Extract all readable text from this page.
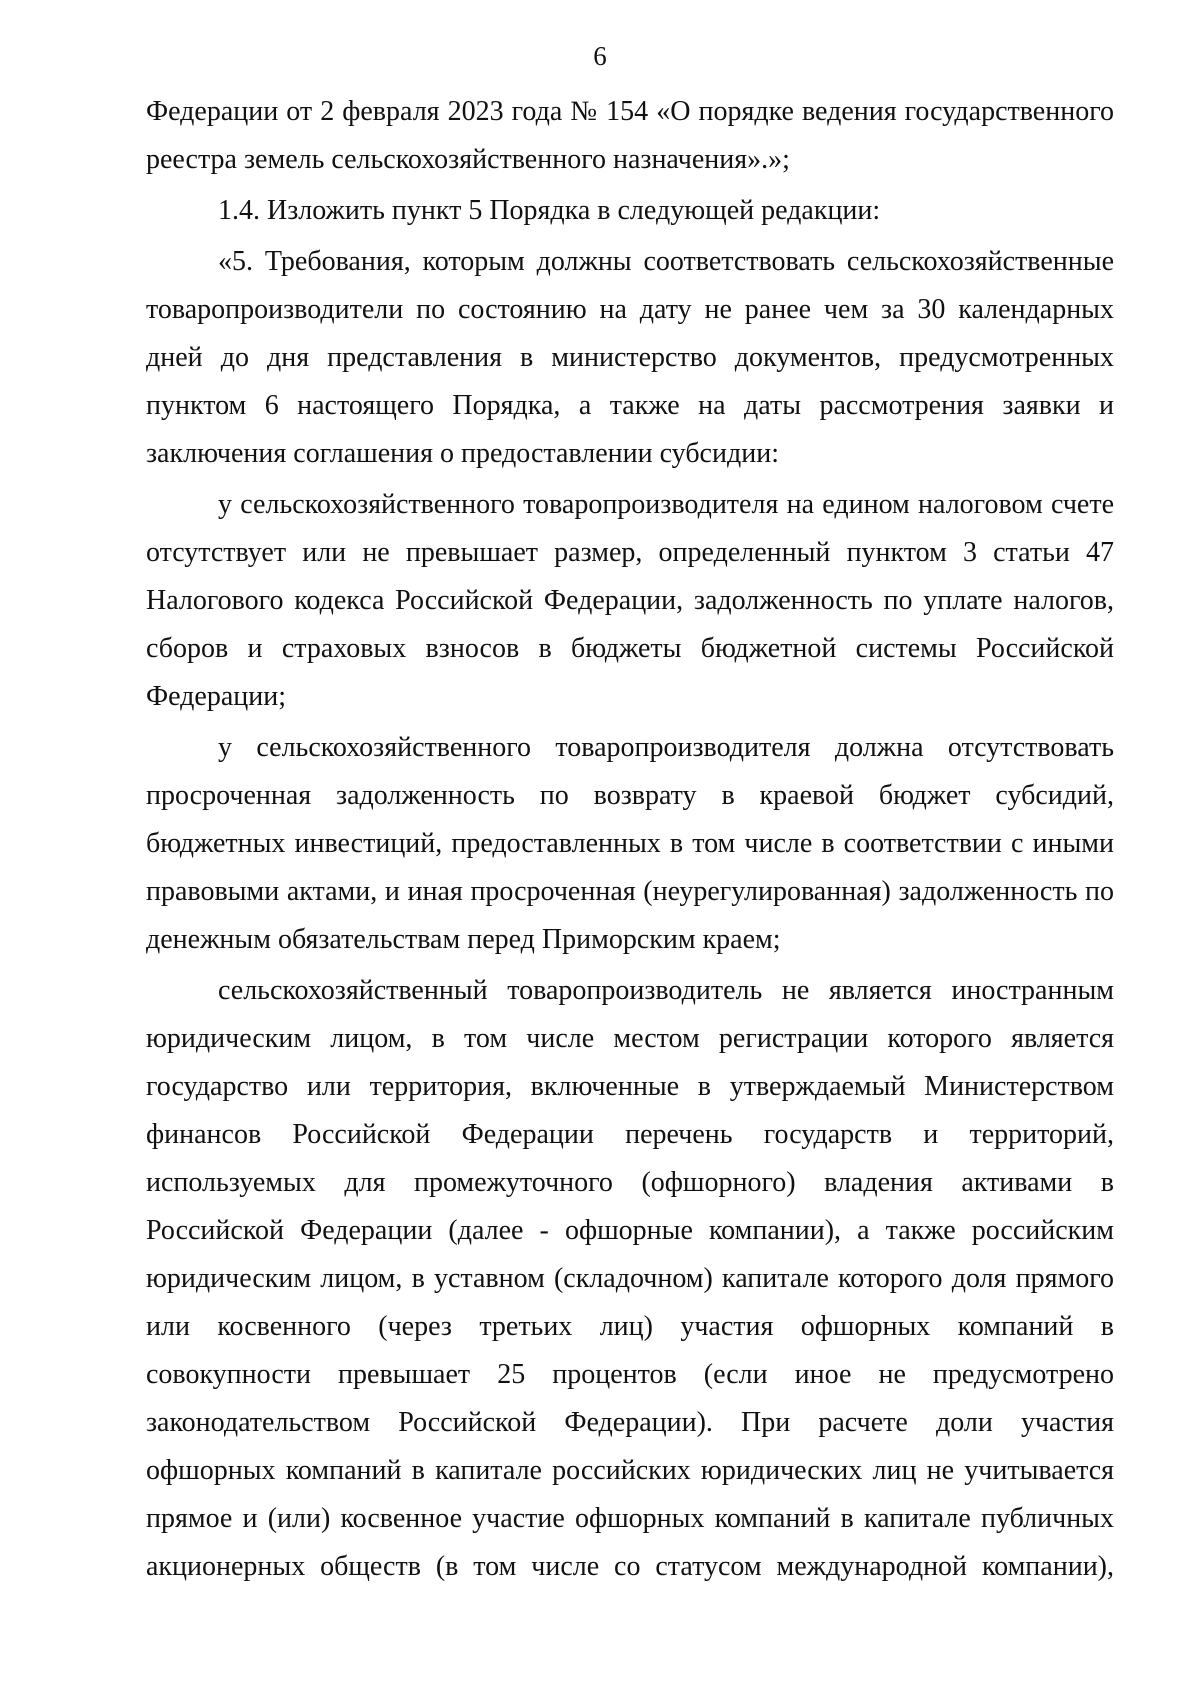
6

Федерации от 2 февраля 2023 года № 154 «О порядке ведения государственного реестра земель сельскохозяйственного назначения».»;

1.4. Изложить пункт 5 Порядка в следующей редакции:

«5. Требования, которым должны соответствовать сельскохозяйственные товаропроизводители по состоянию на дату не ранее чем за 30 календарных дней до дня представления в министерство документов, предусмотренных пунктом 6 настоящего Порядка, а также на даты рассмотрения заявки и заключения соглашения о предоставлении субсидии:

у сельскохозяйственного товаропроизводителя на едином налоговом счете отсутствует или не превышает размер, определенный пунктом 3 статьи 47 Налогового кодекса Российской Федерации, задолженность по уплате налогов, сборов и страховых взносов в бюджеты бюджетной системы Российской Федерации;

у сельскохозяйственного товаропроизводителя должна отсутствовать просроченная задолженность по возврату в краевой бюджет субсидий, бюджетных инвестиций, предоставленных в том числе в соответствии с иными правовыми актами, и иная просроченная (неурегулированная) задолженность по денежным обязательствам перед Приморским краем;

сельскохозяйственный товаропроизводитель не является иностранным юридическим лицом, в том числе местом регистрации которого является государство или территория, включенные в утверждаемый Министерством финансов Российской Федерации перечень государств и территорий, используемых для промежуточного (офшорного) владения активами в Российской Федерации (далее - офшорные компании), а также российским юридическим лицом, в уставном (складочном) капитале которого доля прямого или косвенного (через третьих лиц) участия офшорных компаний в совокупности превышает 25 процентов (если иное не предусмотрено законодательством Российской Федерации). При расчете доли участия офшорных компаний в капитале российских юридических лиц не учитывается прямое и (или) косвенное участие офшорных компаний в капитале публичных акционерных обществ (в том числе со статусом международной компании),
